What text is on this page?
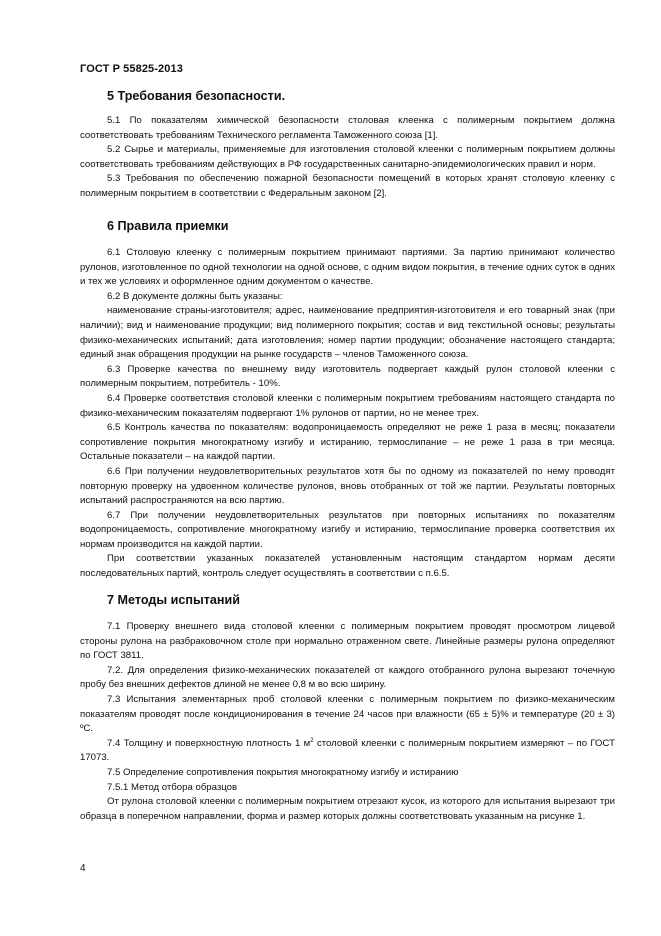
ГОСТ Р 55825-2013
5 Требования безопасности.

5.1 По показателям химической безопасности столовая клеенка с полимерным покрытием должна соответствовать требованиям Технического регламента Таможенного союза [1].

5.2 Сырье и материалы, применяемые для изготовления столовой клеенки с полимерным покрытием должны соответствовать требованиям действующих в РФ государственных санитарно-эпидемиологических правил и норм.

5.3 Требования по обеспечению пожарной безопасности помещений в которых хранят столовую клеенку с полимерным покрытием в соответствии с Федеральным законом [2].

6 Правила приемки

6.1 Столовую клеенку с полимерным покрытием принимают партиями. За партию принимают количество рулонов, изготовленное по одной технологии на одной основе, с одним видом покрытия, в течение одних суток в одних и тех же условиях и оформленное одним документом о качестве.

6.2 В документе должны быть указаны:

наименование страны-изготовителя; адрес, наименование предприятия-изготовителя и его товарный знак (при наличии); вид и наименование продукции; вид полимерного покрытия; состав и вид текстильной основы; результаты физико-механических испытаний; дата изготовления; номер партии продукции; обозначение настоящего стандарта; единый знак обращения продукции на рынке государств – членов Таможенного союза.

6.3 Проверке качества по внешнему виду изготовитель подвергает каждый рулон столовой клеенки с полимерным покрытием, потребитель - 10%.

6.4 Проверке соответствия столовой клеенки с полимерным покрытием требованиям настоящего стандарта по физико-механическим показателям подвергают 1% рулонов от партии, но не менее трех.

6.5 Контроль качества по показателям: водопроницаемость определяют не реже 1 раза в месяц; показатели сопротивление покрытия многократному изгибу и истиранию, термослипание – не реже 1 раза в три месяца. Остальные показатели – на каждой партии.

6.6 При получении неудовлетворительных результатов хотя бы по одному из показателей по нему проводят повторную проверку на удвоенном количестве рулонов, вновь отобранных от той же партии. Результаты повторных испытаний распространяются на всю партию.

6.7 При получении неудовлетворительных результатов при повторных испытаниях по показателям водопроницаемость, сопротивление многократному изгибу и истиранию, термослипание проверка соответствия их нормам производится на каждой партии.

При соответствии указанных показателей установленным настоящим стандартом нормам десяти последовательных партий, контроль следует осуществлять в соответствии с п.6.5.

7 Методы испытаний

7.1 Проверку внешнего вида столовой клеенки с полимерным покрытием проводят просмотром лицевой стороны рулона на разбраковочном столе при нормально отраженном свете. Линейные размеры рулона определяют по ГОСТ 3811.

7.2. Для определения физико-механических показателей от каждого отобранного рулона вырезают точечную пробу без внешних дефектов длиной не менее 0,8 м во всю ширину.

7.3 Испытания элементарных проб столовой клеенки с полимерным покрытием по физико-механическим показателям проводят после кондиционирования в течение 24 часов при влажности (65 ± 5)% и температуре (20 ± 3) ºС.

7.4 Толщину и поверхностную плотность 1 $м^2$ столовой клеенки с полимерным покрытием измеряют – по ГОСТ 17073.

7.5 Определение сопротивления покрытия многократному изгибу и истиранию

7.5.1 Метод отбора образцов

От рулона столовой клеенки с полимерным покрытием отрезают кусок, из которого для испытания вырезают три образца в поперечном направлении, форма и размер которых должны соответствовать указанным на рисунке 1.

4
